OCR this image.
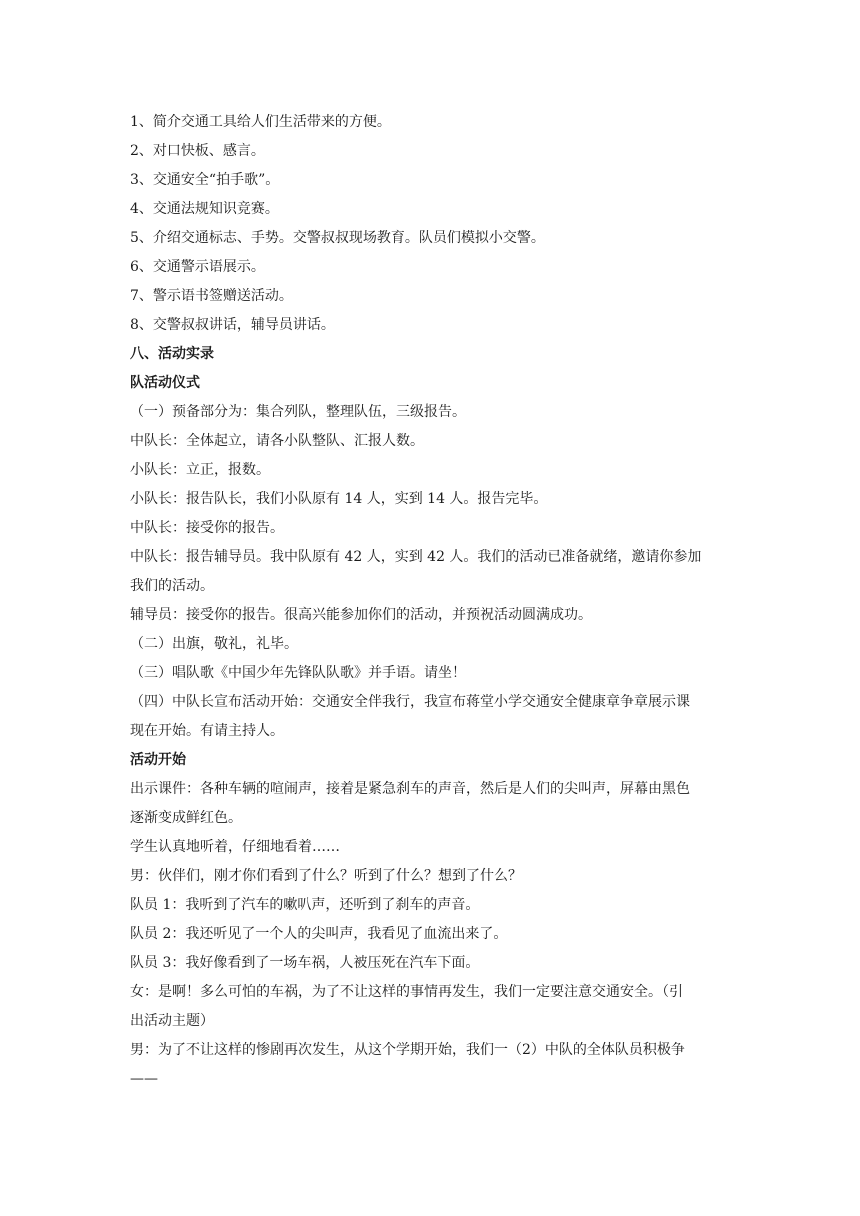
1、简介交通工具给人们生活带来的方便。
2、对口快板、感言。
3、交通安全“拍手歌”。
4、交通法规知识竞赛。
5、介绍交通标志、手势。交警叔叔现场教育。队员们模拟小交警。
6、交通警示语展示。
7、警示语书签赠送活动。
8、交警叔叔讲话，辅导员讲话。
八、活动实录
队活动仪式
（一）预备部分为：集合列队，整理队伍，三级报告。
中队长：全体起立，请各小队整队、汇报人数。
小队长：立正，报数。
小队长：报告队长，我们小队原有 14 人，实到 14 人。报告完毕。
中队长：接受你的报告。
中队长：报告辅导员。我中队原有 42 人，实到 42 人。我们的活动已准备就绪，邀请你参加
我们的活动。
辅导员：接受你的报告。很高兴能参加你们的活动，并预祝活动圆满成功。
（二）出旗，敬礼，礼毕。
（三）唱队歌《中国少年先锋队队歌》并手语。请坐！
（四）中队长宣布活动开始：交通安全伴我行，我宣布蒋堂小学交通安全健康章争章展示课
现在开始。有请主持人。
活动开始
出示课件：各种车辆的喧闹声，接着是紧急刹车的声音，然后是人们的尖叫声，屏幕由黑色
逐渐变成鲜红色。
学生认真地听着，仔细地看着……
男：伙伴们，刚才你们看到了什么？听到了什么？想到了什么？
队员 1：我听到了汽车的嗽叭声，还听到了刹车的声音。
队员 2：我还听见了一个人的尖叫声，我看见了血流出来了。
队员 3：我好像看到了一场车祸，人被压死在汽车下面。
女：是啊！多么可怕的车祸，为了不让这样的事情再发生，我们一定要注意交通安全。（引
出活动主题）
男：为了不让这样的惨剧再次发生，从这个学期开始，我们一（2）中队的全体队员积极争
——
